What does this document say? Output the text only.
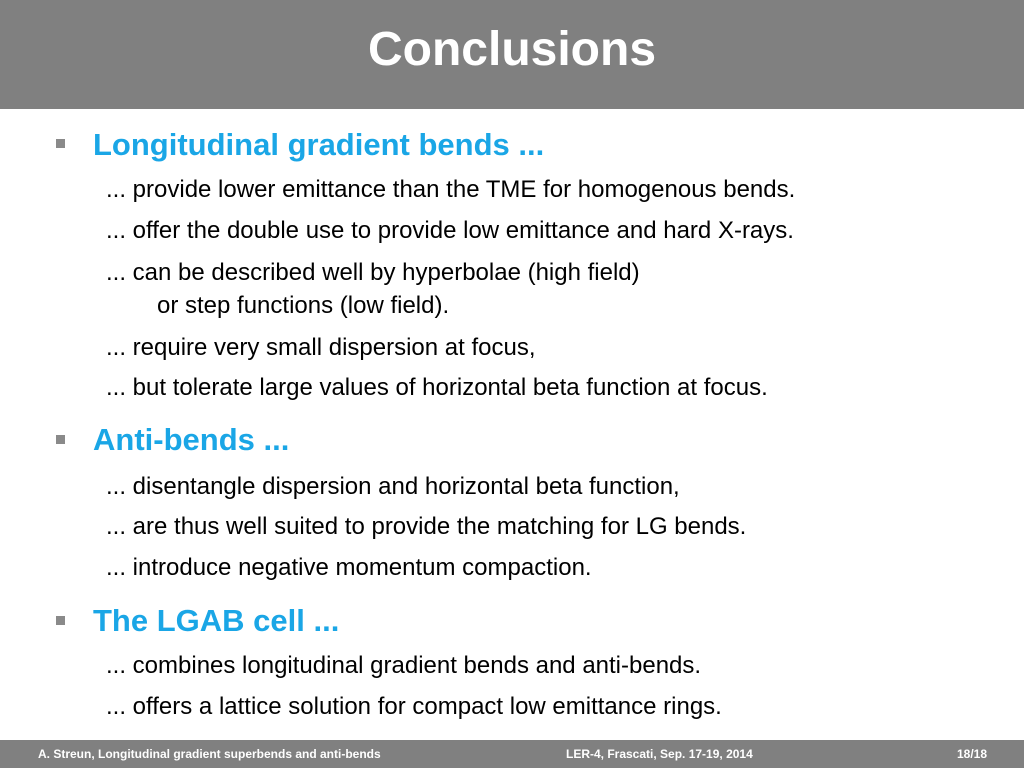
Conclusions
Longitudinal gradient bends ...
... provide lower emittance than the TME for homogenous bends.
... offer the double use to provide low emittance and hard X-rays.
... can be described well by hyperbolae (high field)
or step functions (low field).
... require very small dispersion at focus,
... but tolerate large values of horizontal beta function at focus.
Anti-bends ...
... disentangle dispersion and horizontal beta function,
... are thus well suited to provide the matching for LG bends.
... introduce negative momentum compaction.
The LGAB cell ...
... combines longitudinal gradient bends and anti-bends.
... offers a lattice solution for compact low emittance rings.
A. Streun, Longitudinal gradient superbends and anti-bends	LER-4, Frascati, Sep. 17-19, 2014	18/18
